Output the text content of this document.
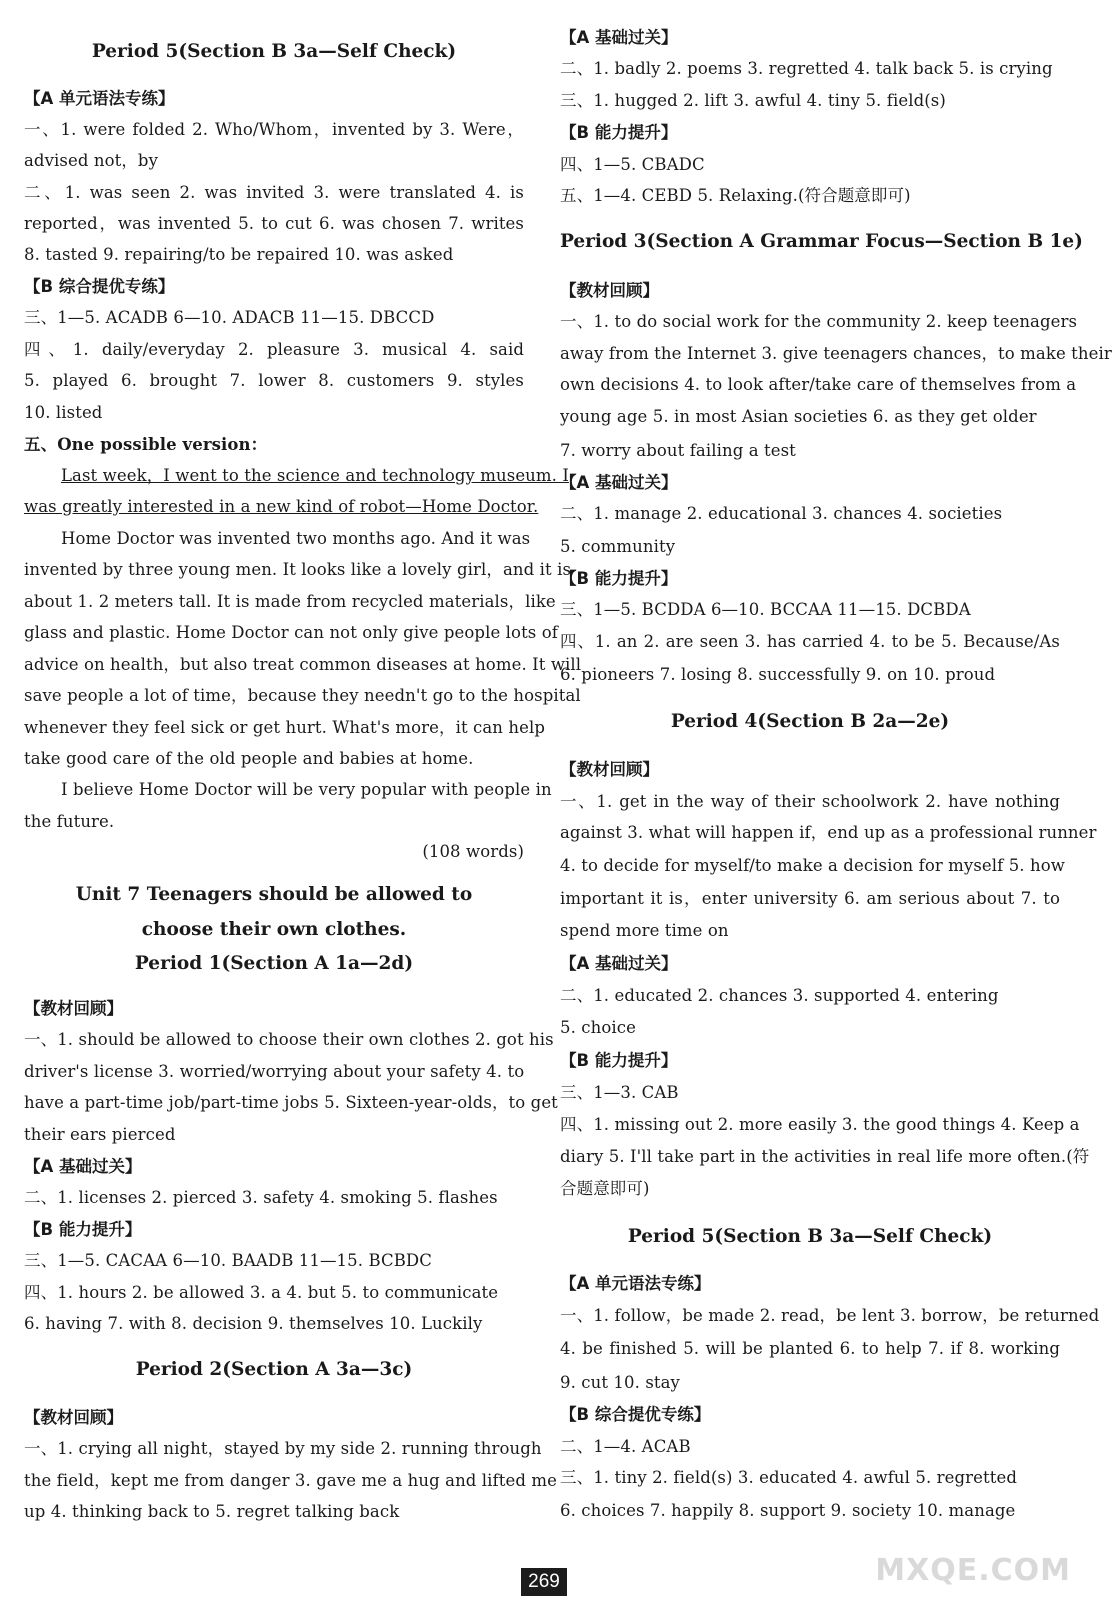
Period 5(Section B 3a—Self Check)
【A 单元语法专练】
一、1. were folded 2. Who/Whom，invented by 3. Were，
advised not，by
二、1. was seen 2. was invited 3. were translated 4. is
reported，was invented 5. to cut 6. was chosen 7. writes
8. tasted 9. repairing/to be repaired 10. was asked
【B 综合提优专练】
三、1—5. ACADB 6—10. ADACB 11—15. DBCCD
四、1. daily/everyday 2. pleasure 3. musical 4. said
5. played 6. brought 7. lower 8. customers 9. styles
10. listed
五、One possible version：
Last week，I went to the science and technology museum. I
was greatly interested in a new kind of robot—Home Doctor.
Home Doctor was invented two months ago. And it was
invented by three young men. It looks like a lovely girl，and it is
about 1. 2 meters tall. It is made from recycled materials，like
glass and plastic. Home Doctor can not only give people lots of
advice on health，but also treat common diseases at home. It will
save people a lot of time，because they needn't go to the hospital
whenever they feel sick or get hurt. What's more，it can help
take good care of the old people and babies at home.
I believe Home Doctor will be very popular with people in
the future.
(108 words)
Unit 7 Teenagers should be allowed to
choose their own clothes.
Period 1(Section A 1a—2d)
【教材回顾】
一、1. should be allowed to choose their own clothes 2. got his
driver's license 3. worried/worrying about your safety 4. to
have a part-time job/part-time jobs 5. Sixteen-year-olds，to get
their ears pierced
【A 基础过关】
二、1. licenses 2. pierced 3. safety 4. smoking 5. flashes
【B 能力提升】
三、1—5. CACAA 6—10. BAADB 11—15. BCBDC
四、1. hours 2. be allowed 3. a 4. but 5. to communicate
6. having 7. with 8. decision 9. themselves 10. Luckily
Period 2(Section A 3a—3c)
【教材回顾】
一、1. crying all night，stayed by my side 2. running through
the field，kept me from danger 3. gave me a hug and lifted me
up 4. thinking back to 5. regret talking back
【A 基础过关】
二、1. badly 2. poems 3. regretted 4. talk back 5. is crying
三、1. hugged 2. lift 3. awful 4. tiny 5. field(s)
【B 能力提升】
四、1—5. CBADC
五、1—4. CEBD 5. Relaxing.(符合题意即可)
Period 3(Section A Grammar Focus—Section B 1e)
【教材回顾】
一、1. to do social work for the community 2. keep teenagers
away from the Internet 3. give teenagers chances，to make their
own decisions 4. to look after/take care of themselves from a
young age 5. in most Asian societies 6. as they get older
7. worry about failing a test
【A 基础过关】
二、1. manage 2. educational 3. chances 4. societies
5. community
【B 能力提升】
三、1—5. BCDDA 6—10. BCCAA 11—15. DCBDA
四、1. an 2. are seen 3. has carried 4. to be 5. Because/As
6. pioneers 7. losing 8. successfully 9. on 10. proud
Period 4(Section B 2a—2e)
【教材回顾】
一、1. get in the way of their schoolwork 2. have nothing
against 3. what will happen if，end up as a professional runner
4. to decide for myself/to make a decision for myself 5. how
important it is，enter university 6. am serious about 7. to
spend more time on
【A 基础过关】
二、1. educated 2. chances 3. supported 4. entering
5. choice
【B 能力提升】
三、1—3. CAB
四、1. missing out 2. more easily 3. the good things 4. Keep a
diary 5. I'll take part in the activities in real life more often.(符
合题意即可)
Period 5(Section B 3a—Self Check)
【A 单元语法专练】
一、1. follow，be made 2. read，be lent 3. borrow，be returned
4. be finished 5. will be planted 6. to help 7. if 8. working
9. cut 10. stay
【B 综合提优专练】
二、1—4. ACAB
三、1. tiny 2. field(s) 3. educated 4. awful 5. regretted
6. choices 7. happily 8. support 9. society 10. manage
269	MXQE.COM
